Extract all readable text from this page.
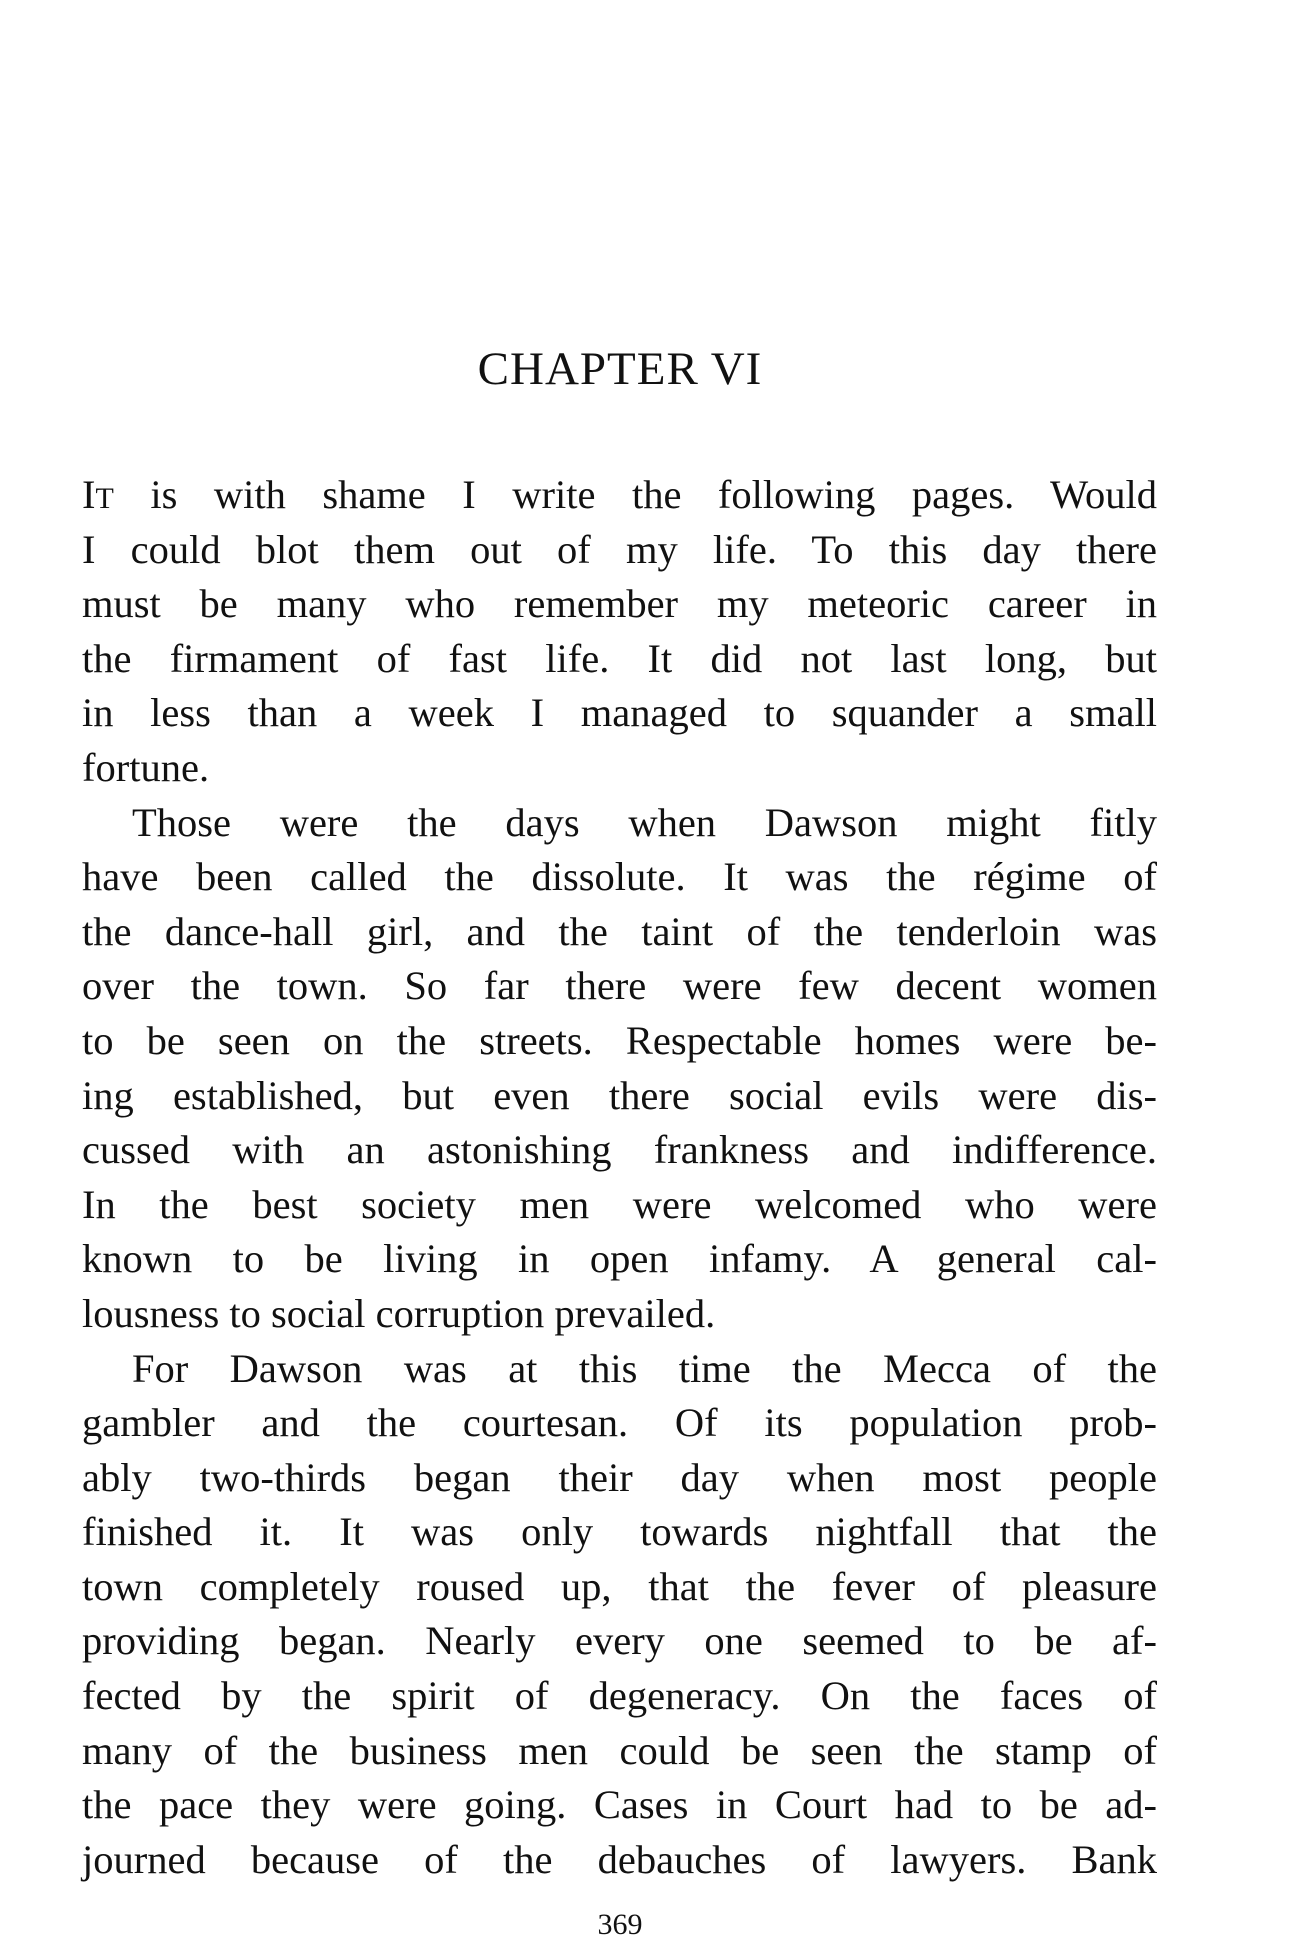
CHAPTER VI
IT is with shame I write the following pages. Would
I could blot them out of my life. To this day there
must be many who remember my meteoric career in
the firmament of fast life. It did not last long, but
in less than a week I managed to squander a small
fortune.
Those were the days when Dawson might fitly
have been called the dissolute. It was the régime of
the dance-hall girl, and the taint of the tenderloin was
over the town. So far there were few decent women
to be seen on the streets. Respectable homes were be-
ing established, but even there social evils were dis-
cussed with an astonishing frankness and indifference.
In the best society men were welcomed who were
known to be living in open infamy. A general cal-
lousness to social corruption prevailed.
For Dawson was at this time the Mecca of the
gambler and the courtesan. Of its population prob-
ably two-thirds began their day when most people
finished it. It was only towards nightfall that the
town completely roused up, that the fever of pleasure
providing began. Nearly every one seemed to be af-
fected by the spirit of degeneracy. On the faces of
many of the business men could be seen the stamp of
the pace they were going. Cases in Court had to be ad-
journed because of the debauches of lawyers. Bank
369
